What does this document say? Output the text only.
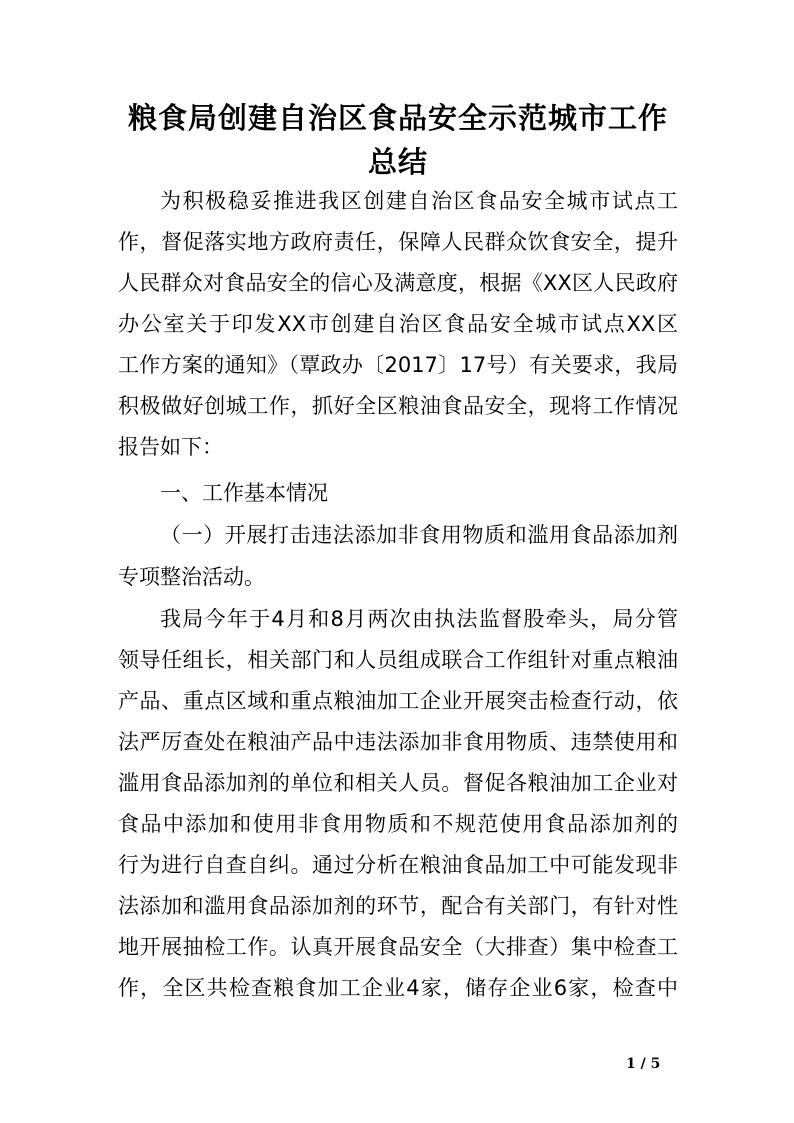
粮食局创建自治区食品安全示范城市工作
总结
为积极稳妥推进我区创建自治区食品安全城市试点工
作，督促落实地方政府责任，保障人民群众饮食安全，提升
人民群众对食品安全的信心及满意度，根据《XX区人民政府
办公室关于印发XX市创建自治区食品安全城市试点XX区
工作方案的通知》（覃政办〔2017〕17号）有关要求，我局
积极做好创城工作，抓好全区粮油食品安全，现将工作情况
报告如下：
一、工作基本情况
（一）开展打击违法添加非食用物质和滥用食品添加剂
专项整治活动。
我局今年于4月和8月两次由执法监督股牵头，局分管
领导任组长，相关部门和人员组成联合工作组针对重点粮油
产品、重点区域和重点粮油加工企业开展突击检查行动，依
法严厉查处在粮油产品中违法添加非食用物质、违禁使用和
滥用食品添加剂的单位和相关人员。督促各粮油加工企业对
食品中添加和使用非食用物质和不规范使用食品添加剂的
行为进行自查自纠。通过分析在粮油食品加工中可能发现非
法添加和滥用食品添加剂的环节，配合有关部门，有针对性
地开展抽检工作。认真开展食品安全（大排查）集中检查工
作，全区共检查粮食加工企业4家，储存企业6家，检查中
1 / 5
